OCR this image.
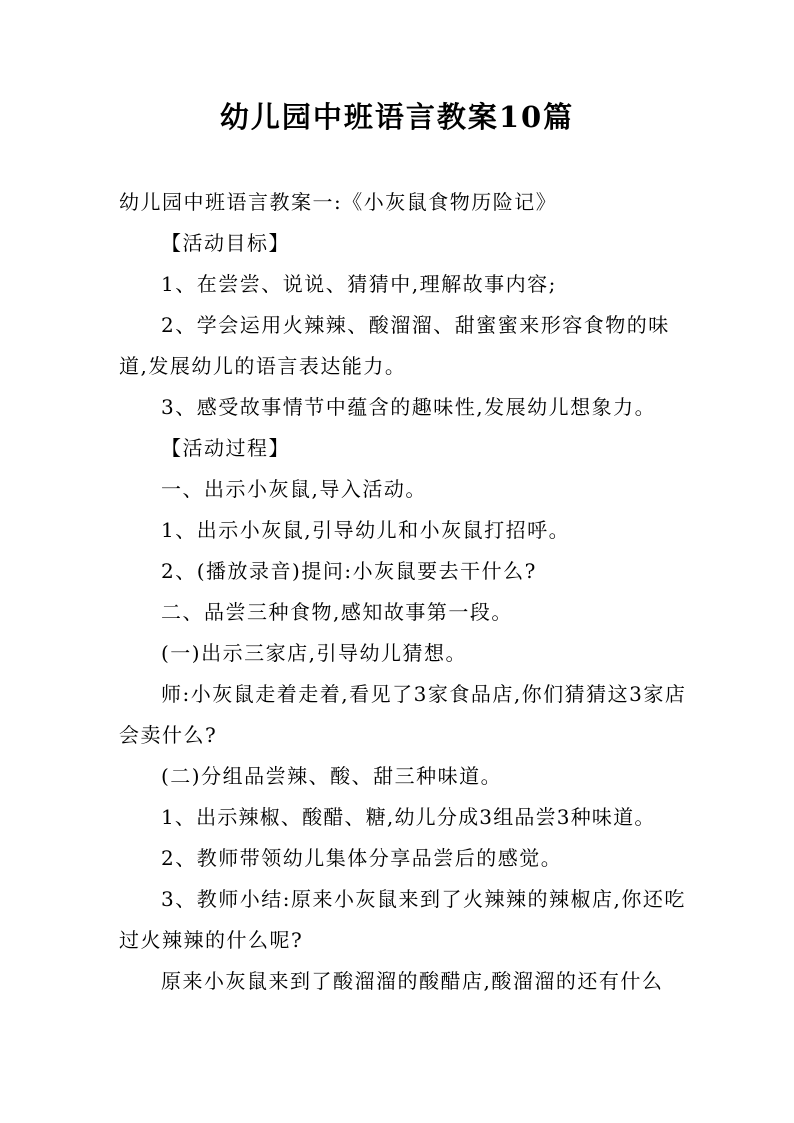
幼儿园中班语言教案10篇

幼儿园中班语言教案一:《小灰鼠食物历险记》

【活动目标】

1、在尝尝、说说、猜猜中,理解故事内容;

2、学会运用火辣辣、酸溜溜、甜蜜蜜来形容食物的味道,发展幼儿的语言表达能力。

3、感受故事情节中蕴含的趣味性,发展幼儿想象力。

【活动过程】

一、出示小灰鼠,导入活动。

1、出示小灰鼠,引导幼儿和小灰鼠打招呼。

2、(播放录音)提问:小灰鼠要去干什么?

二、品尝三种食物,感知故事第一段。

(一)出示三家店,引导幼儿猜想。

师:小灰鼠走着走着,看见了3家食品店,你们猜猜这3家店会卖什么?

(二)分组品尝辣、酸、甜三种味道。

1、出示辣椒、酸醋、糖,幼儿分成3组品尝3种味道。

2、教师带领幼儿集体分享品尝后的感觉。

3、教师小结:原来小灰鼠来到了火辣辣的辣椒店,你还吃过火辣辣的什么呢?

原来小灰鼠来到了酸溜溜的酸醋店,酸溜溜的还有什么
